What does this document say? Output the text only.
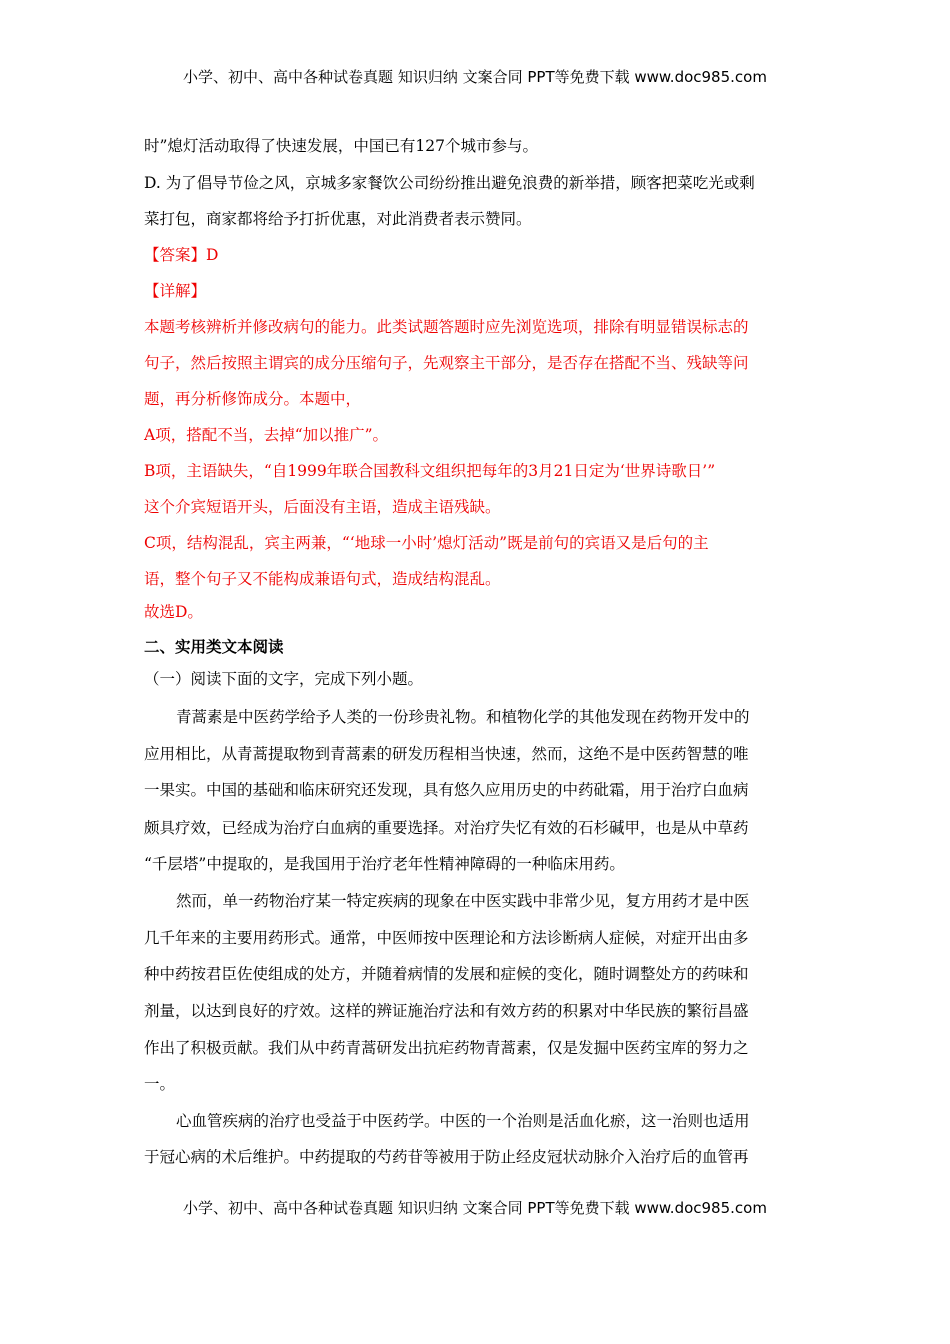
小学、初中、高中各种试卷真题 知识归纳 文案合同 PPT等免费下载 www.doc985.com
时”熄灯活动取得了快速发展，中国已有127个城市参与。
D. 为了倡导节俭之风，京城多家餐饮公司纷纷推出避免浪费的新举措，顾客把菜吃光或剩
菜打包，商家都将给予打折优惠，对此消费者表示赞同。
【答案】D
【详解】
本题考核辨析并修改病句的能力。此类试题答题时应先浏览选项，排除有明显错误标志的
句子，然后按照主谓宾的成分压缩句子，先观察主干部分，是否存在搭配不当、残缺等问
题，再分析修饰成分。本题中，
A项，搭配不当，去掉“加以推广”。
B项，主语缺失，“自1999年联合国教科文组织把每年的3月21日定为‘世界诗歌日’”
这个介宾短语开头，后面没有主语，造成主语残缺。
C项，结构混乱，宾主两兼，“‘地球一小时’熄灯活动”既是前句的宾语又是后句的主
语，整个句子又不能构成兼语句式，造成结构混乱。
故选D。
二、实用类文本阅读
（一）阅读下面的文字，完成下列小题。
青蒿素是中医药学给予人类的一份珍贵礼物。和植物化学的其他发现在药物开发中的
应用相比，从青蒿提取物到青蒿素的研发历程相当快速，然而，这绝不是中医药智慧的唯
一果实。中国的基础和临床研究还发现，具有悠久应用历史的中药砒霜，用于治疗白血病
颇具疗效，已经成为治疗白血病的重要选择。对治疗失忆有效的石杉碱甲，也是从中草药
“千层塔”中提取的，是我国用于治疗老年性精神障碍的一种临床用药。
然而，单一药物治疗某一特定疾病的现象在中医实践中非常少见，复方用药才是中医
几千年来的主要用药形式。通常，中医师按中医理论和方法诊断病人症候，对症开出由多
种中药按君臣佐使组成的处方，并随着病情的发展和症候的变化，随时调整处方的药味和
剂量，以达到良好的疗效。这样的辨证施治疗法和有效方药的积累对中华民族的繁衍昌盛
作出了积极贡献。我们从中药青蒿研发出抗疟药物青蒿素，仅是发掘中医药宝库的努力之
一。
心血管疾病的治疗也受益于中医药学。中医的一个治则是活血化瘀，这一治则也适用
于冠心病的术后维护。中药提取的芍药苷等被用于防止经皮冠状动脉介入治疗后的血管再
小学、初中、高中各种试卷真题 知识归纳 文案合同 PPT等免费下载 www.doc985.com
